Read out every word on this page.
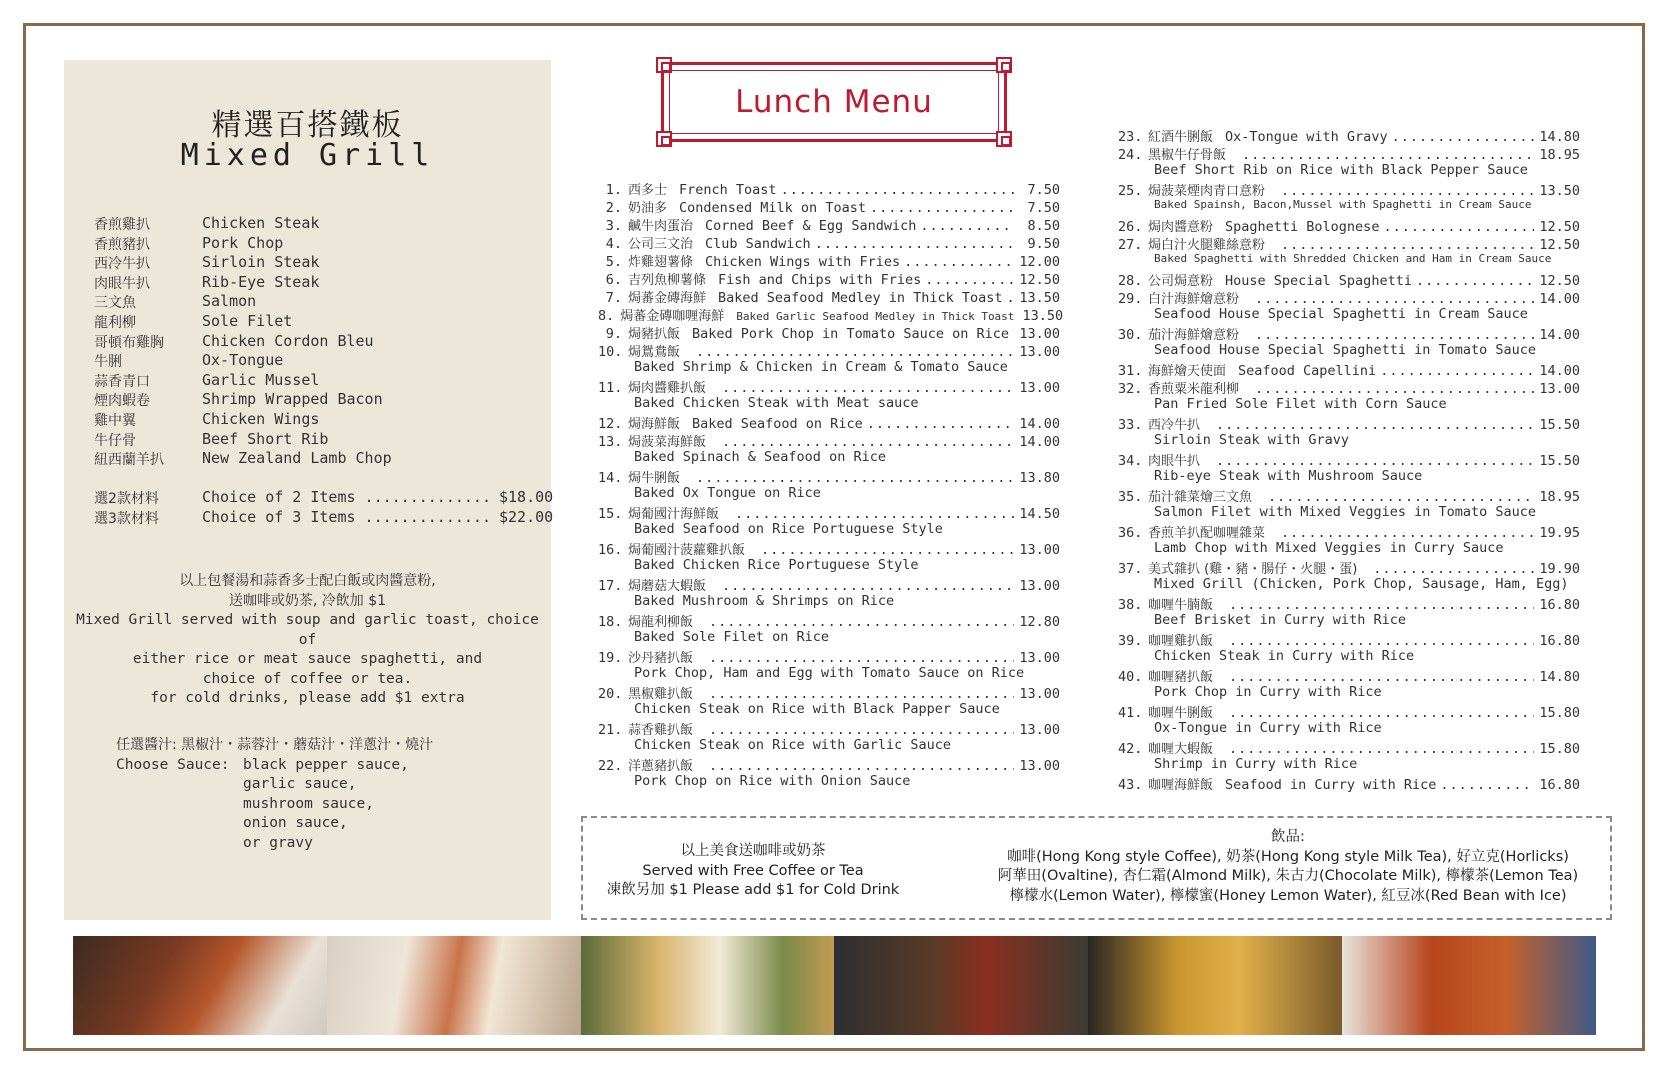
精選百搭鐵板
Mixed Grill
香煎雞扒	Chicken Steak
香煎豬扒	Pork Chop
西冷牛扒	Sirloin Steak
肉眼牛扒	Rib-Eye Steak
三文魚	Salmon
龍利柳	Sole Filet
哥頓布雞胸	Chicken Cordon Bleu
牛脷	Ox-Tongue
蒜香青口	Garlic Mussel
煙肉蝦卷	Shrimp Wrapped Bacon
雞中翼	Chicken Wings
牛仔骨	Beef Short Rib
紐西蘭羊扒	New Zealand Lamb Chop
選2款材料	Choice of 2 Items .............. $18.00
選3款材料	Choice of 3 Items .............. $22.00
以上包餐湯和蒜香多士配白飯或肉醬意粉,
送咖啡或奶茶, 冷飲加 $1
Mixed Grill served with soup and garlic toast, choice of
either rice or meat sauce spaghetti, and
choice of coffee or tea.
for cold drinks, please add $1 extra
任選醬汁: 黑椒汁・蒜蓉汁・蘑菇汁・洋蔥汁・燒汁
Choose Sauce: black pepper sauce,
garlic sauce,
mushroom sauce,
onion sauce,
or gravy
Lunch Menu
1. 西多士 French Toast .....	7.50
2. 奶油多 Condensed Milk on Toast .....	7.50
3. 鹹牛肉蛋治 Corned Beef & Egg Sandwich .....	8.50
4. 公司三文治 Club Sandwich .....	9.50
5. 炸雞翅薯條 Chicken Wings with Fries .....	12.00
6. 吉列魚柳薯條 Fish and Chips with Fries .....	12.50
7. 焗蕃金磚海鮮 Baked Seafood Medley in Thick Toast ..... 13.50
8. 焗蕃金磚咖喱海鮮 Baked Garlic Seafood Medley in Thick Toast 13.50
9. 焗豬扒飯 Baked Pork Chop in Tomato Sauce on Rice ..... 13.00
10. 焗鴛鴦飯 .....	13.00
Baked Shrimp & Chicken in Cream & Tomato Sauce
11. 焗肉醬雞扒飯 .....	13.00
Baked Chicken Steak with Meat sauce
12. 焗海鮮飯 Baked Seafood on Rice .....	14.00
13. 焗菠菜海鮮飯 .....	14.00
Baked Spinach & Seafood on Rice
14. 焗牛脷飯 .....	13.80
Baked Ox Tongue on Rice
15. 焗葡國汁海鮮飯 .....	14.50
Baked Seafood on Rice Portuguese Style
16. 焗葡國汁菠蘿雞扒飯 .....	13.00
Baked Chicken Rice Portuguese Style
17. 焗蘑菇大蝦飯 .....	13.00
Baked Mushroom & Shrimps on Rice
18. 焗龍利柳飯 .....	12.80
Baked Sole Filet on Rice
19. 沙丹豬扒飯 .....	13.00
Pork Chop, Ham and Egg with Tomato Sauce on Rice
20. 黑椒雞扒飯 .....	13.00
Chicken Steak on Rice with Black Papper Sauce
21. 蒜香雞扒飯 .....	13.00
Chicken Steak on Rice with Garlic Sauce
22. 洋蔥豬扒飯 .....	13.00
Pork Chop on Rice with Onion Sauce
23. 紅酒牛脷飯 Ox-Tongue with Gravy .....	14.80
24. 黑椒牛仔骨飯 .....	18.95
Beef Short Rib on Rice with Black Pepper Sauce
25. 焗菠菜煙肉青口意粉 .....	13.50
Baked Spainsh, Bacon,Mussel with Spaghetti in Cream Sauce
26. 焗肉醬意粉 Spaghetti Bolognese .....	12.50
27. 焗白汁火腿雞絲意粉 .....	12.50
Baked Spaghetti with Shredded Chicken and Ham in Cream Sauce
28. 公司焗意粉 House Special Spaghetti .....	12.50
29. 白汁海鮮燴意粉 .....	14.00
Seafood House Special Spaghetti in Cream Sauce
30. 茄汁海鮮燴意粉 .....	14.00
Seafood House Special Spaghetti in Tomato Sauce
31. 海鮮燴天使面 Seafood Capellini .....	14.00
32. 香煎粟米龍利柳 .....	13.00
Pan Fried Sole Filet with Corn Sauce
33. 西冷牛扒 .....	15.50
Sirloin Steak with Gravy
34. 肉眼牛扒 .....	15.50
Rib-eye Steak with Mushroom Sauce
35. 茄汁雜菜燴三文魚 .....	18.95
Salmon Filet with Mixed Veggies in Tomato Sauce
36. 香煎羊扒配咖喱雜菜 .....	19.95
Lamb Chop with Mixed Veggies in Curry Sauce
37. 美式雜扒 (雞・豬・腸仔・火腿・蛋) .....	19.90
Mixed Grill (Chicken, Pork Chop, Sausage, Ham, Egg)
38. 咖喱牛腩飯 .....	16.80
Beef Brisket in Curry with Rice
39. 咖喱雞扒飯 .....	16.80
Chicken Steak in Curry with Rice
40. 咖喱豬扒飯 .....	14.80
Pork Chop in Curry with Rice
41. 咖喱牛脷飯 .....	15.80
Ox-Tongue in Curry with Rice
42. 咖喱大蝦飯 .....	15.80
Shrimp in Curry with Rice
43. 咖喱海鮮飯 Seafood in Curry with Rice .....	16.80
以上美食送咖啡或奶茶
Served with Free Coffee or Tea
凍飲另加 $1 Please add $1 for Cold Drink
飲品:
咖啡(Hong Kong style Coffee), 奶茶(Hong Kong style Milk Tea), 好立克(Horlicks)
阿華田(Ovaltine), 杏仁霜(Almond Milk), 朱古力(Chocolate Milk), 檸檬茶(Lemon Tea)
檸檬水(Lemon Water), 檸檬蜜(Honey Lemon Water), 紅豆冰(Red Bean with Ice)
